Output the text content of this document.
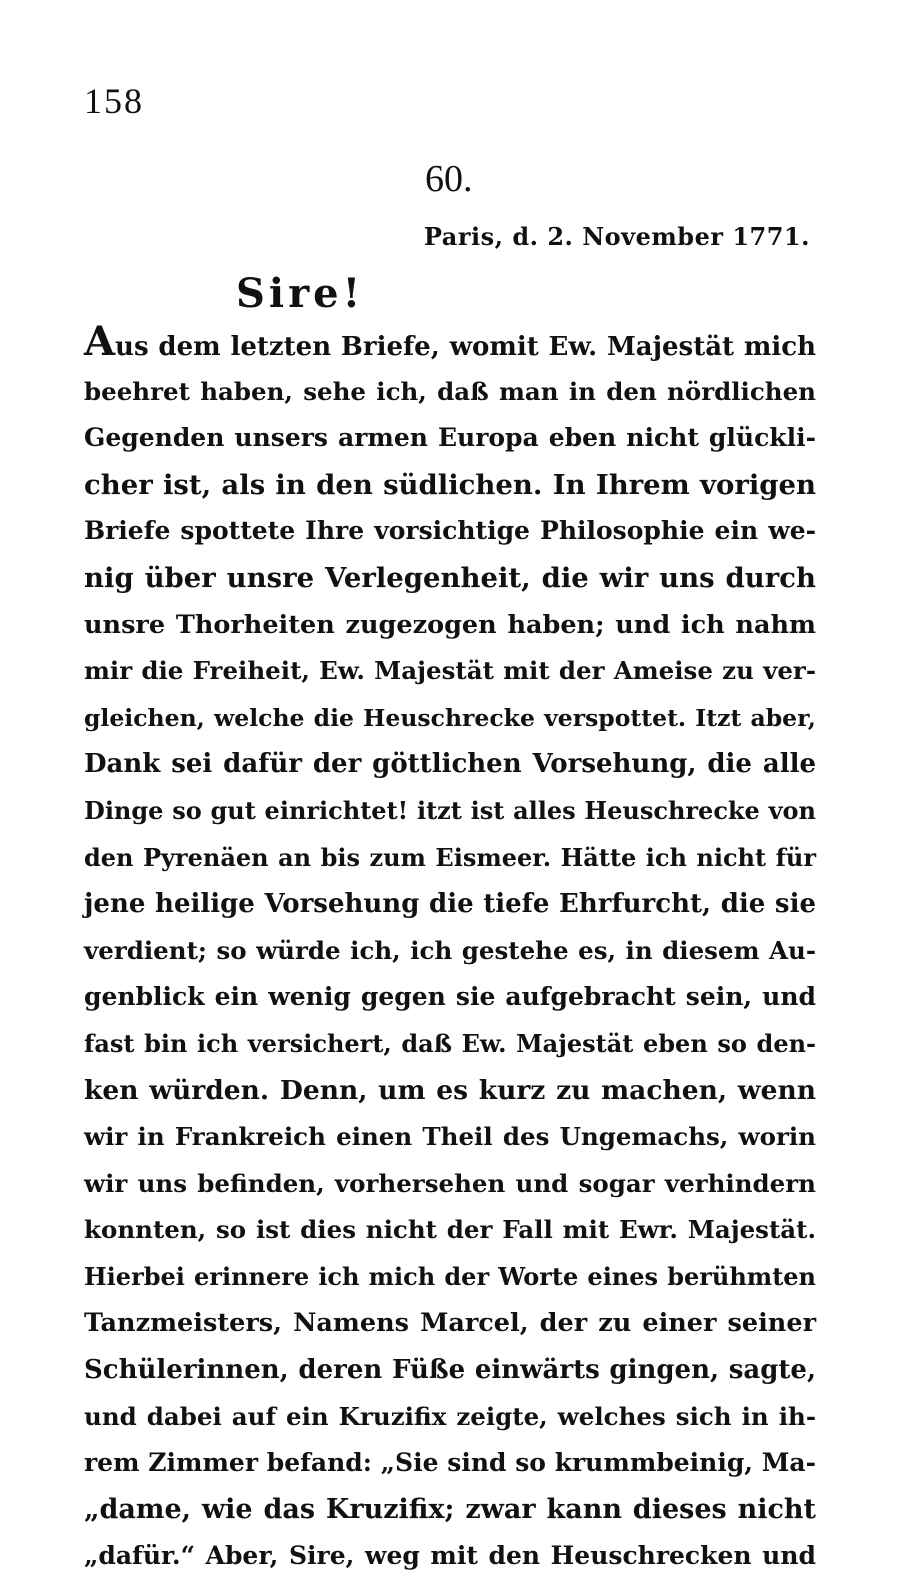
158
60.
Paris, d. 2. November 1771.
Sire!
Aus dem letzten Briefe, womit Ew. Majestät mich
beehret haben, sehe ich, daß man in den nördlichen
Gegenden unsers armen Europa eben nicht glückli-
cher ist, als in den südlichen. In Ihrem vorigen
Briefe spottete Ihre vorsichtige Philosophie ein we-
nig über unsre Verlegenheit, die wir uns durch
unsre Thorheiten zugezogen haben; und ich nahm
mir die Freiheit, Ew. Majestät mit der Ameise zu ver-
gleichen, welche die Heuschrecke verspottet. Itzt aber,
Dank sei dafür der göttlichen Vorsehung, die alle
Dinge so gut einrichtet! itzt ist alles Heuschrecke von
den Pyrenäen an bis zum Eismeer. Hätte ich nicht für
jene heilige Vorsehung die tiefe Ehrfurcht, die sie
verdient; so würde ich, ich gestehe es, in diesem Au-
genblick ein wenig gegen sie aufgebracht sein, und
fast bin ich versichert, daß Ew. Majestät eben so den-
ken würden. Denn, um es kurz zu machen, wenn
wir in Frankreich einen Theil des Ungemachs, worin
wir uns befinden, vorhersehen und sogar verhindern
konnten, so ist dies nicht der Fall mit Ewr. Majestät.
Hierbei erinnere ich mich der Worte eines berühmten
Tanzmeisters, Namens Marcel, der zu einer seiner
Schülerinnen, deren Füße einwärts gingen, sagte,
und dabei auf ein Kruzifix zeigte, welches sich in ih-
rem Zimmer befand: „Sie sind so krummbeinig, Ma-
„dame, wie das Kruzifix; zwar kann dieses nicht
„dafür.“ Aber, Sire, weg mit den Heuschrecken und
